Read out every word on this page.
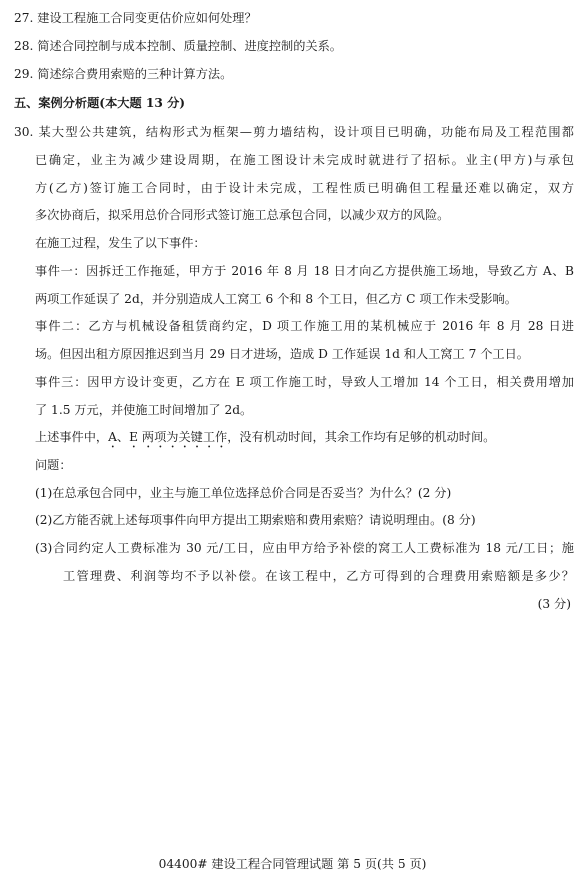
27. 建设工程施工合同变更估价应如何处理？
28. 简述合同控制与成本控制、质量控制、进度控制的关系。
29. 简述综合费用索赔的三种计算方法。
五、案例分析题(本大题 13 分)
30. 某大型公共建筑，结构形式为框架—剪力墙结构，设计项目已明确，功能布局及工程范围都
已确定，业主为减少建设周期，在施工图设计未完成时就进行了招标。业主(甲方)与承包
方(乙方)签订施工合同时，由于设计未完成，工程性质已明确但工程量还难以确定，双方
多次协商后，拟采用总价合同形式签订施工总承包合同，以减少双方的风险。
在施工过程，发生了以下事件：
事件一：因拆迁工作拖延，甲方于 2016 年 8 月 18 日才向乙方提供施工场地，导致乙方 A、B
两项工作延误了 2d，并分别造成人工窝工 6 个和 8 个工日，但乙方 C 项工作未受影响。
事件二：乙方与机械设备租赁商约定，D 项工作施工用的某机械应于 2016 年 8 月 28 日进
场。但因出租方原因推迟到当月 29 日才进场，造成 D 工作延误 1d 和人工窝工 7 个工日。
事件三：因甲方设计变更，乙方在 E 项工作施工时，导致人工增加 14 个工日，相关费用增加
了 1.5 万元，并使施工时间增加了 2d。
上述事件中，A、E 两项为关键工作，没有机动时间，其余工作均有足够的机动时间。
问题：
(1)在总承包合同中，业主与施工单位选择总价合同是否妥当？为什么？(2 分)
(2)乙方能否就上述每项事件向甲方提出工期索赔和费用索赔？请说明理由。(8 分)
(3)合同约定人工费标准为 30 元/工日，应由甲方给予补偿的窝工人工费标准为 18 元/工日；施
工管理费、利润等均不予以补偿。在该工程中，乙方可得到的合理费用索赔额是多少？
(3 分)
04400# 建设工程合同管理试题 第 5 页(共 5 页)
